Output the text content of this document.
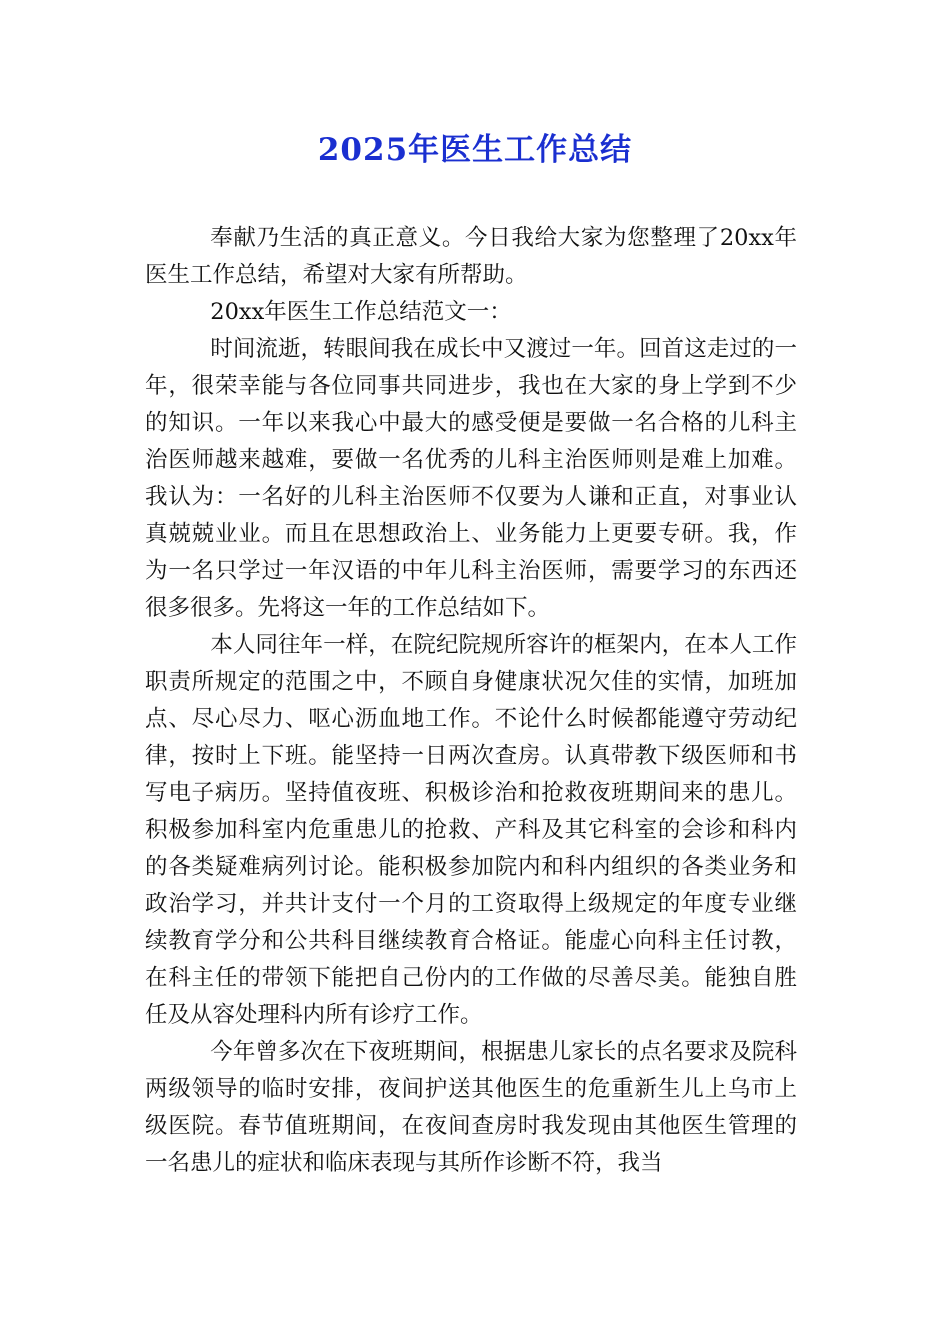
2025年医生工作总结

奉献乃生活的真正意义。今日我给大家为您整理了20xx年医生工作总结，希望对大家有所帮助。

20xx年医生工作总结范文一：

时间流逝，转眼间我在成长中又渡过一年。回首这走过的一年，很荣幸能与各位同事共同进步，我也在大家的身上学到不少的知识。一年以来我心中最大的感受便是要做一名合格的儿科主治医师越来越难，要做一名优秀的儿科主治医师则是难上加难。我认为：一名好的儿科主治医师不仅要为人谦和正直，对事业认真兢兢业业。而且在思想政治上、业务能力上更要专研。我，作为一名只学过一年汉语的中年儿科主治医师，需要学习的东西还很多很多。先将这一年的工作总结如下。

本人同往年一样，在院纪院规所容许的框架内，在本人工作职责所规定的范围之中，不顾自身健康状况欠佳的实情，加班加点、尽心尽力、呕心沥血地工作。不论什么时候都能遵守劳动纪律，按时上下班。能坚持一日两次查房。认真带教下级医师和书写电子病历。坚持值夜班、积极诊治和抢救夜班期间来的患儿。积极参加科室内危重患儿的抢救、产科及其它科室的会诊和科内的各类疑难病列讨论。能积极参加院内和科内组织的各类业务和政治学习，并共计支付一个月的工资取得上级规定的年度专业继续教育学分和公共科目继续教育合格证。能虚心向科主任讨教，在科主任的带领下能把自己份内的工作做的尽善尽美。能独自胜任及从容处理科内所有诊疗工作。

今年曾多次在下夜班期间，根据患儿家长的点名要求及院科两级领导的临时安排，夜间护送其他医生的危重新生儿上乌市上级医院。春节值班期间，在夜间查房时我发现由其他医生管理的一名患儿的症状和临床表现与其所作诊断不符，我当
